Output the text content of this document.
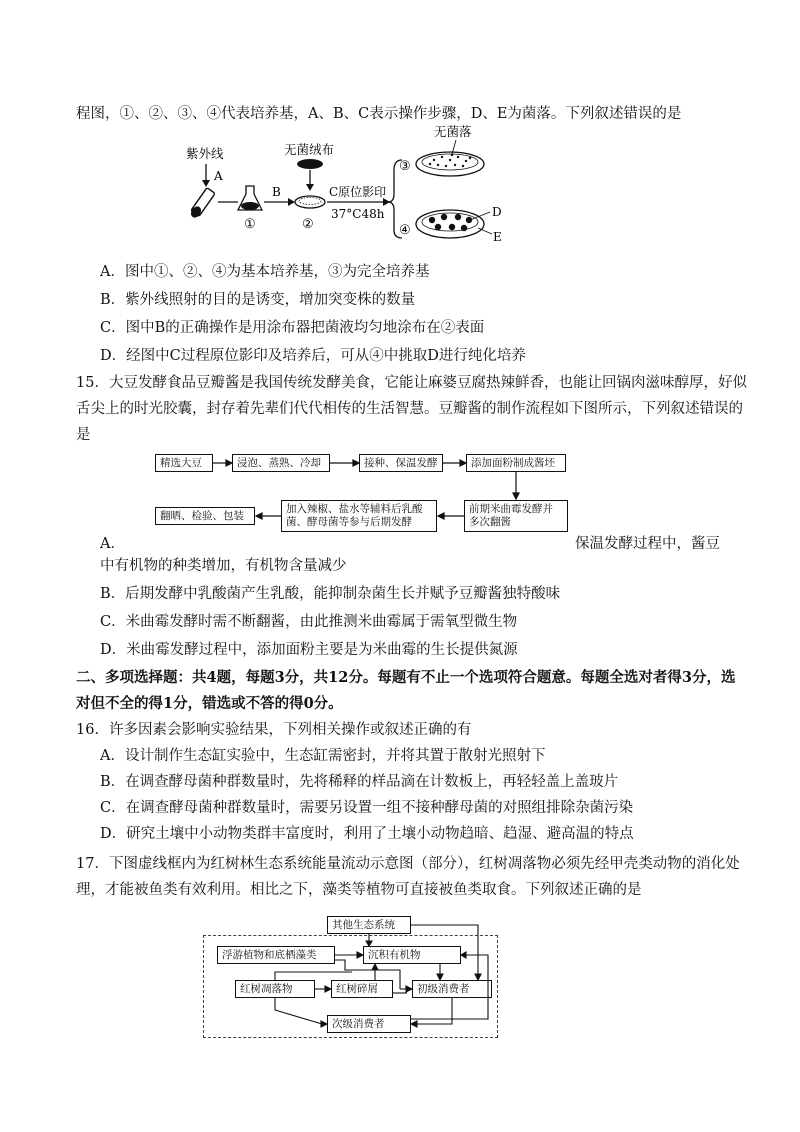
程图，①、②、③、④代表培养基，A、B、C表示操作步骤，D、E为菌落。下列叙述错误的是
紫外线
A
①
B
②
无菌绒布
C原位影印
37°C48h
③
无菌落
④
D
E
A．图中①、②、④为基本培养基，③为完全培养基
B．紫外线照射的目的是诱变，增加突变株的数量
C．图中B的正确操作是用涂布器把菌液均匀地涂布在②表面
D．经图中C过程原位影印及培养后，可从④中挑取D进行纯化培养
15．大豆发酵食品豆瓣酱是我国传统发酵美食，它能让麻婆豆腐热辣鲜香，也能让回锅肉滋味醇厚，好似
舌尖上的时光胶囊，封存着先辈们代代相传的生活智慧。豆瓣酱的制作流程如下图所示，下列叙述错误的
是
精选大豆	浸泡、蒸熟、冷却	接种、保温发酵	添加面粉制成酱坯
前期米曲霉发酵并
多次翻酱
加入辣椒、盐水等辅料后乳酸
菌、酵母菌等参与后期发酵
翻晒、检验、包装
A．	保温发酵过程中，酱豆
中有机物的种类增加，有机物含量减少
B．后期发酵中乳酸菌产生乳酸，能抑制杂菌生长并赋予豆瓣酱独特酸味
C．米曲霉发酵时需不断翻酱，由此推测米曲霉属于需氧型微生物
D．米曲霉发酵过程中，添加面粉主要是为米曲霉的生长提供氮源
二、多项选择题：共4题，每题3分，共12分。每题有不止一个选项符合题意。每题全选对者得3分，选
对但不全的得1分，错选或不答的得0分。
16．许多因素会影响实验结果，下列相关操作或叙述正确的有
A．设计制作生态缸实验中，生态缸需密封，并将其置于散射光照射下
B．在调查酵母菌种群数量时，先将稀释的样品滴在计数板上，再轻轻盖上盖玻片
C．在调查酵母菌种群数量时，需要另设置一组不接种酵母菌的对照组排除杂菌污染
D．研究土壤中小动物类群丰富度时，利用了土壤小动物趋暗、趋湿、避高温的特点
17．下图虚线框内为红树林生态系统能量流动示意图（部分），红树凋落物必须先经甲壳类动物的消化处
理，才能被鱼类有效利用。相比之下，藻类等植物可直接被鱼类取食。下列叙述正确的是
其他生态系统
浮游植物和底栖藻类	沉积有机物
红树凋落物	红树碎屑	初级消费者
次级消费者
